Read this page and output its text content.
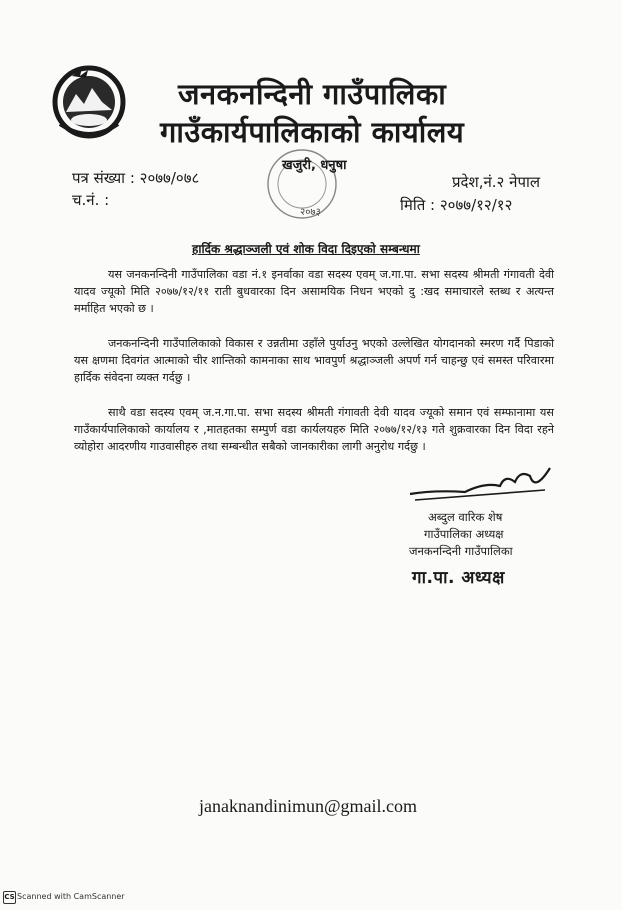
जनकनन्दिनी गाउँपालिका
गाउँकार्यपालिकाको कार्यालय
पत्र संख्या : २०७७/०७८
च.नं. :
प्रदेश,नं.२ नेपाल
मिति : २०७७/१२/१२
खजुरी, धनुषा
२०७३
हार्दिक श्रद्धाञ्जली एवं शोक विदा दिइएको सम्बन्धमा
यस जनकनन्दिनी गाउँपालिका वडा नं.१ इनर्वाका वडा सदस्य एवम् ज.गा.पा. सभा सदस्य श्रीमती गंगावती देवी यादव ज्यूको मिति २०७७/१२/११ राती बुधवारका दिन असामयिक निधन भएको दु :खद समाचारले स्तब्ध र अत्यन्त मर्माहित भएको छ ।
जनकनन्दिनी गाउँपालिकाको विकास र उन्नतीमा उहाँले पुर्याउनु भएको उल्लेखित योगदानको स्मरण गर्दै पिडाको यस क्षणमा दिवगंत आत्माको चीर शान्तिको कामनाका साथ भावपुर्ण श्रद्धाञ्जली अपर्ण गर्न चाहन्छु एवं समस्त परिवारमा हार्दिक संवेदना व्यक्त गर्दछु ।
साथै वडा सदस्य एवम् ज.न.गा.पा. सभा सदस्य श्रीमती गंगावती देवी यादव ज्यूको समान एवं सम्फानामा यस गाउँकार्यपालिकाको कार्यालय र ,मातहतका सम्पुर्ण वडा कार्यलयहरु मिति २०७७/१२/१३ गते शुक्रवारका दिन विदा रहने व्योहोरा आदरणीय गाउवासीहरु तथा सम्बन्धीत सबैको जानकारीका लागी अनुरोध गर्दछु ।
अब्दुल वारिक शेष
गाउँपालिका अध्यक्ष
जनकनन्दिनी गाउँपालिका
गा.पा. अध्यक्ष
janaknandinimun@gmail.com
CS Scanned with CamScanner
